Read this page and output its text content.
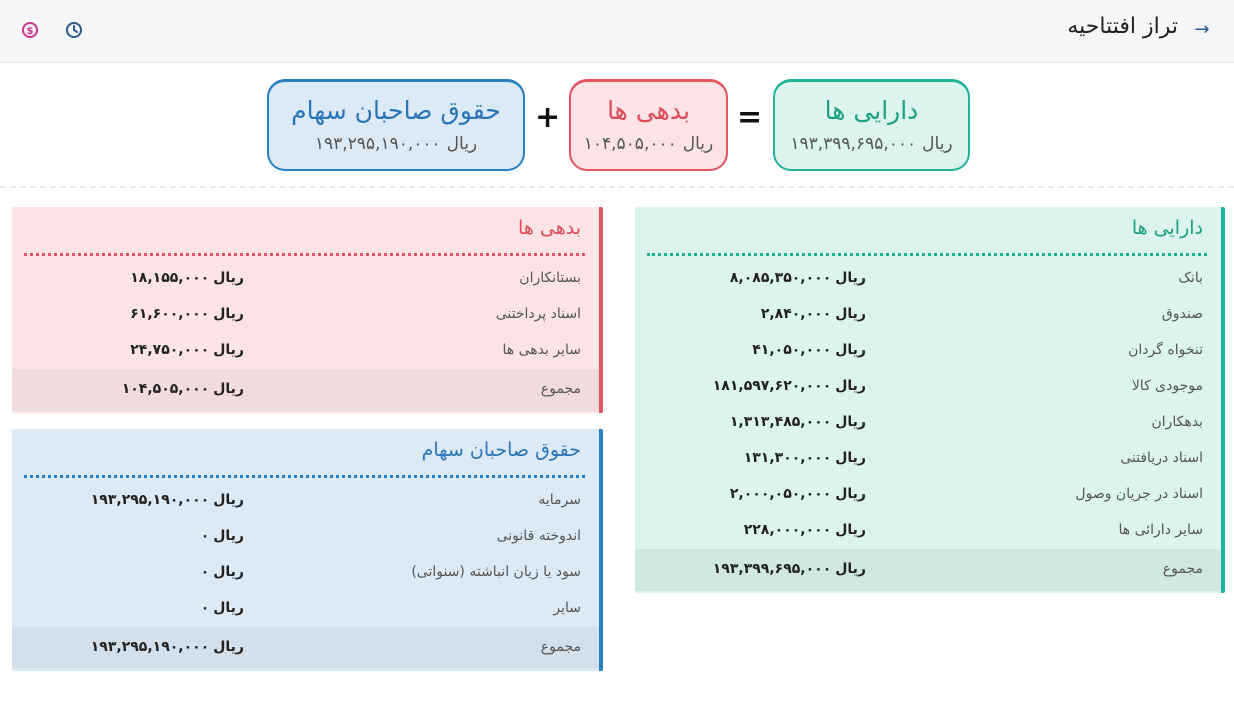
→
تراز افتتاحیه
$
دارایی ها
ریال۱۹۳,۳۹۹,۶۹۵,۰۰۰
=
بدهی ها
ریال۱۰۴,۵۰۵,۰۰۰
+
حقوق صاحبان سهام
ریال۱۹۳,۲۹۵,۱۹۰,۰۰۰
دارایی ها
بانک
ریال۸,۰۸۵,۳۵۰,۰۰۰
صندوق
ریال۲,۸۴۰,۰۰۰
تنخواه گردان
ریال۴۱,۰۵۰,۰۰۰
موجودی کالا
ریال۱۸۱,۵۹۷,۶۲۰,۰۰۰
بدهکاران
ریال۱,۳۱۳,۴۸۵,۰۰۰
اسناد دریافتنی
ریال۱۳۱,۳۰۰,۰۰۰
اسناد در جریان وصول
ریال۲,۰۰۰,۰۵۰,۰۰۰
سایر دارائی ها
ریال۲۲۸,۰۰۰,۰۰۰
مجموع
ریال۱۹۳,۳۹۹,۶۹۵,۰۰۰
بدهی ها
بستانکاران
ریال۱۸,۱۵۵,۰۰۰
اسناد پرداختنی
ریال۶۱,۶۰۰,۰۰۰
سایر بدهی ها
ریال۲۴,۷۵۰,۰۰۰
مجموع
ریال۱۰۴,۵۰۵,۰۰۰
حقوق صاحبان سهام
سرمایه
ریال۱۹۳,۲۹۵,۱۹۰,۰۰۰
اندوخته قانونی
ریال۰
سود یا زیان انباشته (سنواتی)
ریال۰
سایر
ریال۰
مجموع
ریال۱۹۳,۲۹۵,۱۹۰,۰۰۰
